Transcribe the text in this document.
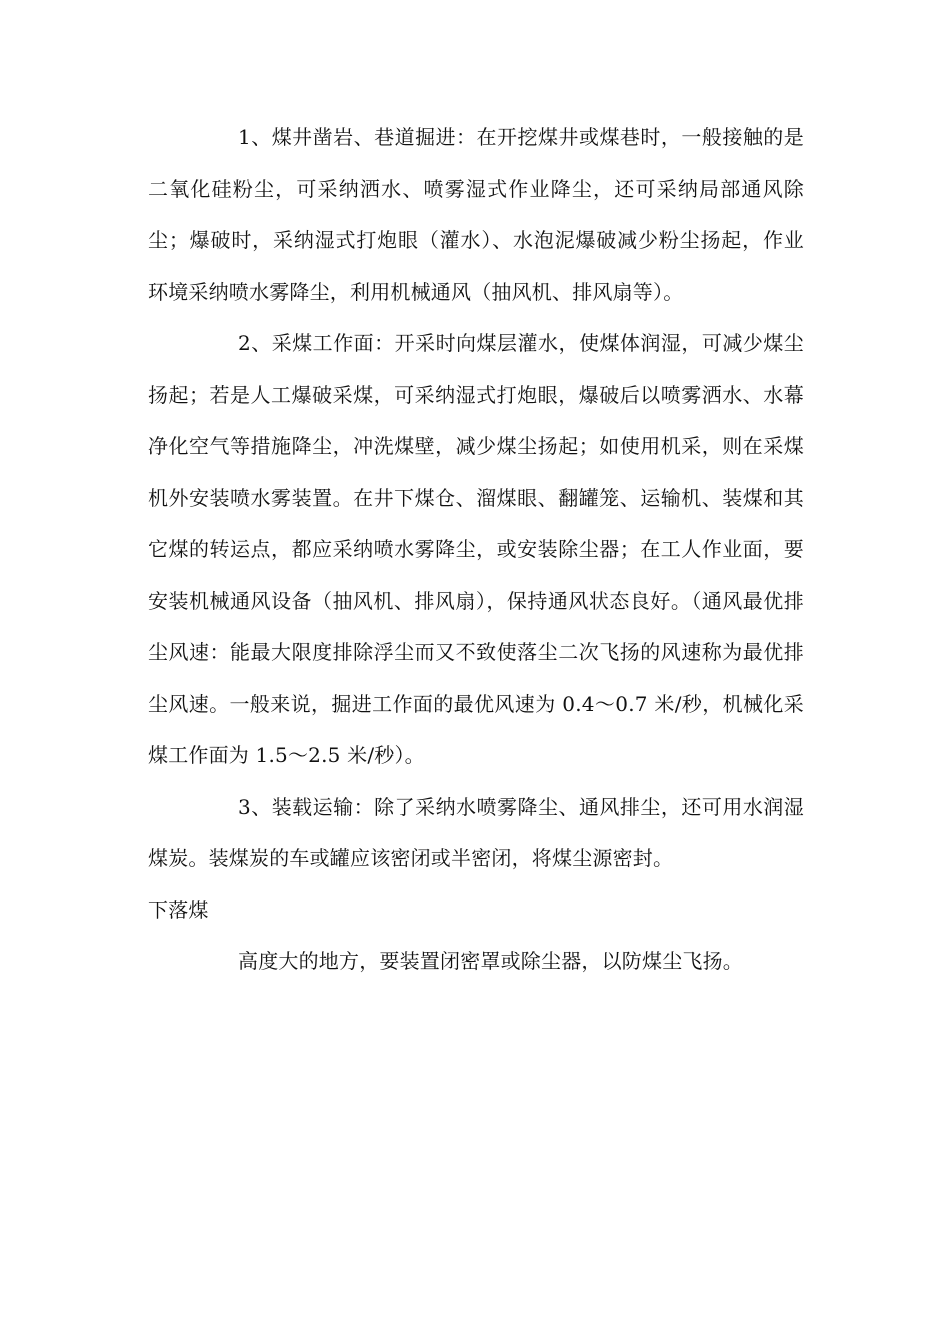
1、煤井凿岩、巷道掘进：在开挖煤井或煤巷时，一般接触的是二氧化硅粉尘，可采纳洒水、喷雾湿式作业降尘，还可采纳局部通风除尘；爆破时，采纳湿式打炮眼（灌水）、水泡泥爆破减少粉尘扬起，作业环境采纳喷水雾降尘，利用机械通风（抽风机、排风扇等）。

2、采煤工作面：开采时向煤层灌水，使煤体润湿，可减少煤尘扬起；若是人工爆破采煤，可采纳湿式打炮眼，爆破后以喷雾洒水、水幕净化空气等措施降尘，冲洗煤壁，减少煤尘扬起；如使用机采，则在采煤机外安装喷水雾装置。在井下煤仓、溜煤眼、翻罐笼、运输机、装煤和其它煤的转运点，都应采纳喷水雾降尘，或安装除尘器；在工人作业面，要安装机械通风设备（抽风机、排风扇），保持通风状态良好。（通风最优排尘风速：能最大限度排除浮尘而又不致使落尘二次飞扬的风速称为最优排尘风速。一般来说，掘进工作面的最优风速为 0.4～0.7 米/秒，机械化采煤工作面为 1.5～2.5 米/秒）。

3、装载运输：除了采纳水喷雾降尘、通风排尘，还可用水润湿煤炭。装煤炭的车或罐应该密闭或半密闭，将煤尘源密封。

下落煤

高度大的地方，要装置闭密罩或除尘器，以防煤尘飞扬。
